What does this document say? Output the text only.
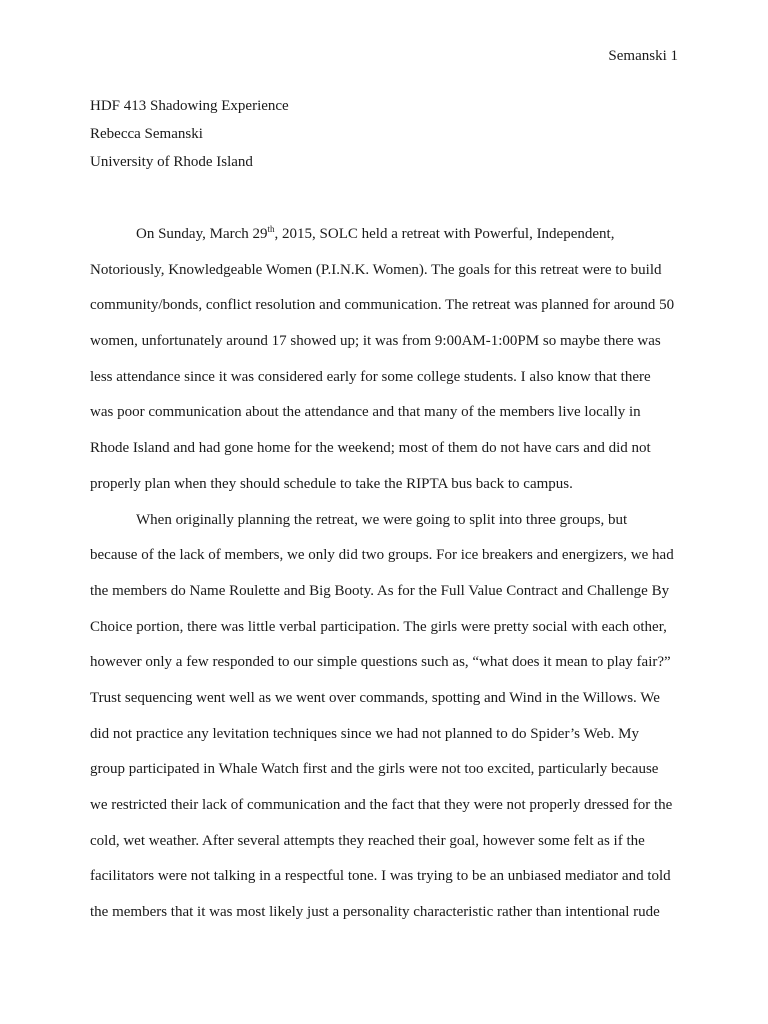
Semanski 1
HDF 413 Shadowing Experience
Rebecca Semanski
University of Rhode Island
On Sunday, March 29th, 2015, SOLC held a retreat with Powerful, Independent,
Notoriously, Knowledgeable Women (P.I.N.K. Women). The goals for this retreat were to build
community/bonds, conflict resolution and communication. The retreat was planned for around 50
women, unfortunately around 17 showed up; it was from 9:00AM-1:00PM so maybe there was
less attendance since it was considered early for some college students. I also know that there
was poor communication about the attendance and that many of the members live locally in
Rhode Island and had gone home for the weekend; most of them do not have cars and did not
properly plan when they should schedule to take the RIPTA bus back to campus.
When originally planning the retreat, we were going to split into three groups, but
because of the lack of members, we only did two groups. For ice breakers and energizers, we had
the members do Name Roulette and Big Booty. As for the Full Value Contract and Challenge By
Choice portion, there was little verbal participation. The girls were pretty social with each other,
however only a few responded to our simple questions such as, “what does it mean to play fair?”
Trust sequencing went well as we went over commands, spotting and Wind in the Willows. We
did not practice any levitation techniques since we had not planned to do Spider’s Web. My
group participated in Whale Watch first and the girls were not too excited, particularly because
we restricted their lack of communication and the fact that they were not properly dressed for the
cold, wet weather. After several attempts they reached their goal, however some felt as if the
facilitators were not talking in a respectful tone. I was trying to be an unbiased mediator and told
the members that it was most likely just a personality characteristic rather than intentional rude
